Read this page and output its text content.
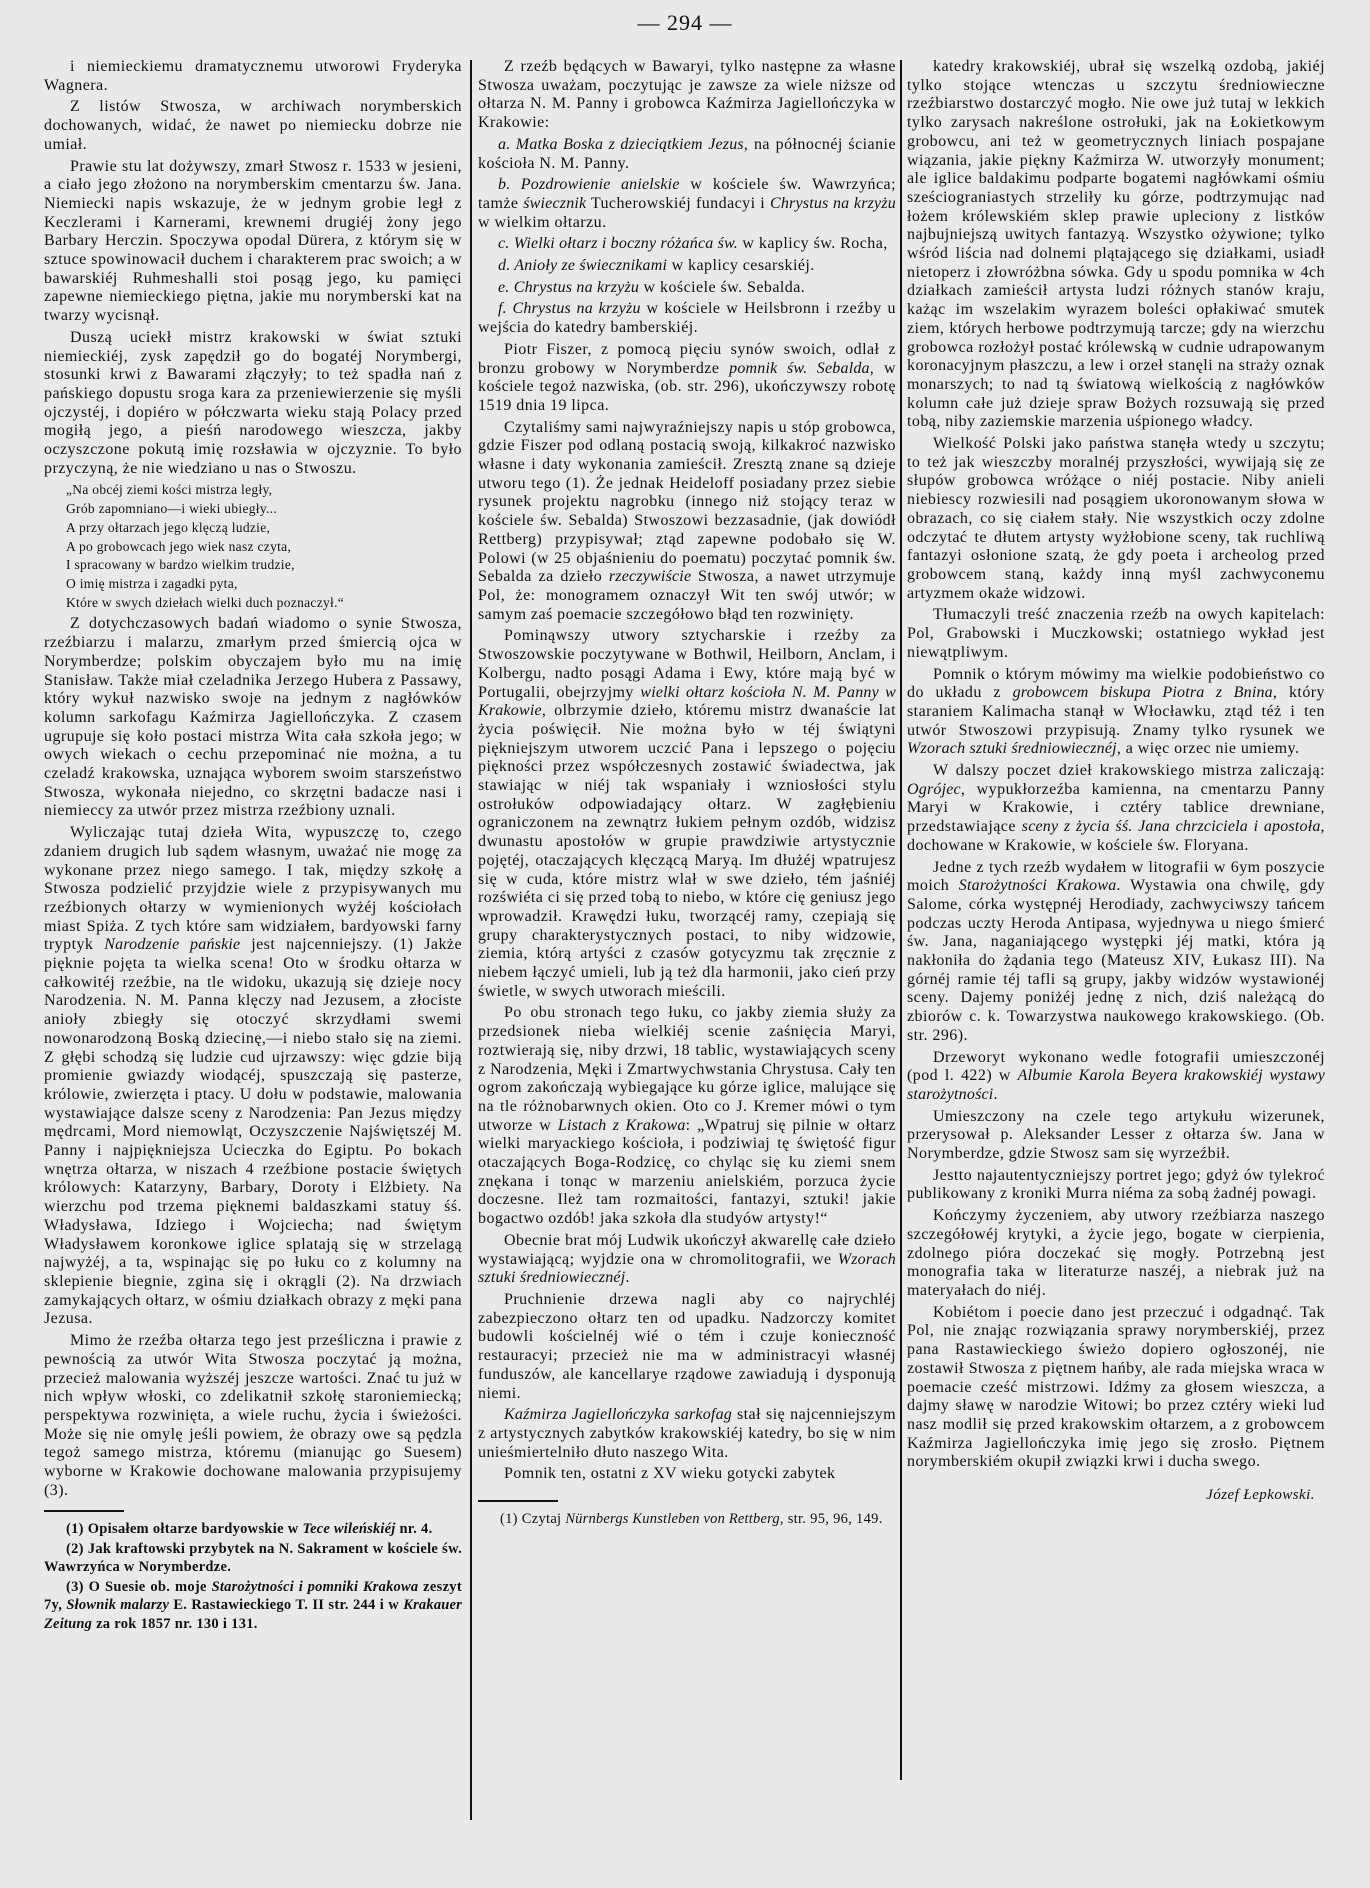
— 294 —

i niemieckiemu dramatycznemu utworowi Fryderyka Wagnera.

Z listów Stwosza, w archiwach norymberskich dochowanych, widać, że nawet po niemiecku dobrze nie umiał.

Prawie stu lat dożywszy, zmarł Stwosz r. 1533 w jesieni, a ciało jego złożono na norymberskim cmentarzu św. Jana. Niemiecki napis wskazuje, że w jednym grobie legł z Keczlerami i Karnerami, krewnemi drugiéj żony jego Barbary Herczin. Spoczywa opodal Dürera, z którym się w sztuce spowinowacił duchem i charakterem prac swoich; a w bawarskiéj Ruhmeshalli stoi posąg jego, ku pamięci zapewne niemieckiego piętna, jakie mu norymberski kat na twarzy wycisnął.

Duszą uciekł mistrz krakowski w świat sztuki niemieckiéj, zysk zapędził go do bogatéj Norymbergi, stosunki krwi z Bawarami złączyły; to też spadła nań z pańskiego dopustu sroga kara za przeniewierzenie się myśli ojczystéj, i dopiéro w półczwarta wieku stają Polacy przed mogiłą jego, a pieśń narodowego wieszcza, jakby oczyszczone pokutą imię rozsławia w ojczyznie. To było przyczyną, że nie wiedziano u nas o Stwoszu.

„Na obcéj ziemi kości mistrza legły,
Grób zapomniano—i wieki ubiegły...
A przy ołtarzach jego klęczą ludzie,
A po grobowcach jego wiek nasz czyta,
I spracowany w bardzo wielkim trudzie,
O imię mistrza i zagadki pyta,
Które w swych dziełach wielki duch poznaczył.“

Z dotychczasowych badań wiadomo o synie Stwosza, rzeźbiarzu i malarzu, zmarłym przed śmiercią ojca w Norymberdze; polskim obyczajem było mu na imię Stanisław. Także miał czeladnika Jerzego Hubera z Passawy, który wykuł nazwisko swoje na jednym z nagłówków kolumn sarkofagu Kaźmirza Jagiellończyka. Z czasem ugrupuje się koło postaci mistrza Wita cała szkoła jego; w owych wiekach o cechu przepominać nie można, a tu czeladź krakowska, uznająca wyborem swoim starszeństwo Stwosza, wykonała niejedno, co skrzętni badacze nasi i niemieccy za utwór przez mistrza rzeźbiony uznali.

Wyliczając tutaj dzieła Wita, wypuszczę to, czego zdaniem drugich lub sądem własnym, uważać nie mogę za wykonane przez niego samego. I tak, między szkołę a Stwosza podzielić przyjdzie wiele z przypisywanych mu rzeźbionych ołtarzy w wymienionych wyżéj kościołach miast Spiża. Z tych które sam widziałem, bardyowski farny tryptyk Narodzenie pańskie jest najcenniejszy. (1) Jakże pięknie pojęta ta wielka scena! Oto w środku ołtarza w całkowitéj rzeźbie, na tle widoku, ukazują się dzieje nocy Narodzenia. N. M. Panna klęczy nad Jezusem, a złociste anioły zbiegły się otoczyć skrzydłami swemi nowonarodzoną Boską dziecinę,—i niebo stało się na ziemi. Z głębi schodzą się ludzie cud ujrzawszy: więc gdzie biją promienie gwiazdy wiodącéj, spuszczają się pasterze, królowie, zwierzęta i ptacy. U dołu w podstawie, malowania wystawiające dalsze sceny z Narodzenia: Pan Jezus między mędrcami, Mord niemowląt, Oczyszczenie Najświętszéj M. Panny i najpiękniejsza Ucieczka do Egiptu. Po bokach wnętrza ołtarza, w niszach 4 rzeźbione postacie świętych królowych: Katarzyny, Barbary, Doroty i Elżbiety. Na wierzchu pod trzema pięknemi baldaszkami statuy śś. Władysława, Idziego i Wojciecha; nad świętym Władysławem koronkowe iglice splatają się w strzelagą najwyżéj, a ta, wspinając się po łuku co z kolumny na sklepienie biegnie, zgina się i okrągli (2). Na drzwiach zamykających ołtarz, w ośmiu działkach obrazy z męki pana Jezusa.

Mimo że rzeźba ołtarza tego jest prześliczna i prawie z pewnością za utwór Wita Stwosza poczytać ją można, przecież malowania wyższéj jeszcze wartości. Znać tu już w nich wpływ włoski, co zdelikatnił szkołę staroniemiecką; perspektywa rozwinięta, a wiele ruchu, życia i świeżości. Może się nie omylę jeśli powiem, że obrazy owe są pędzla tegoż samego mistrza, któremu (mianując go Suesem) wyborne w Krakowie dochowane malowania przypisujemy (3).

(1) Opisałem ołtarze bardyowskie w Tece wileńskiéj nr. 4.

(2) Jak kraftowski przybytek na N. Sakrament w kościele św. Wawrzyńca w Norymberdze.

(3) O Suesie ob. moje Starożytności i pomniki Krakowa zeszyt 7y, Słownik malarzy E. Rastawieckiego T. II str. 244 i w Krakauer Zeitung za rok 1857 nr. 130 i 131.

Z rzeźb będących w Bawaryi, tylko następne za własne Stwosza uważam, poczytując je zawsze za wiele niższe od ołtarza N. M. Panny i grobowca Kaźmirza Jagiellończyka w Krakowie:

a. Matka Boska z dzieciątkiem Jezus, na północnéj ścianie kościoła N. M. Panny.

b. Pozdrowienie anielskie w kościele św. Wawrzyńca; tamże świecznik Tucherowskiéj fundacyi i Chrystus na krzyżu w wielkim ołtarzu.

c. Wielki ołtarz i boczny różańca św. w kaplicy św. Rocha,

d. Anioły ze świecznikami w kaplicy cesarskiéj.

e. Chrystus na krzyżu w kościele św. Sebalda.

f. Chrystus na krzyżu w kościele w Heilsbronn i rzeźby u wejścia do katedry bamberskiéj.

Piotr Fiszer, z pomocą pięciu synów swoich, odlał z bronzu grobowy w Norymberdze pomnik św. Sebalda, w kościele tegoż nazwiska, (ob. str. 296), ukończywszy robotę 1519 dnia 19 lipca.

Czytaliśmy sami najwyraźniejszy napis u stóp grobowca, gdzie Fiszer pod odlaną postacią swoją, kilkakroć nazwisko własne i daty wykonania zamieścił. Zresztą znane są dzieje utworu tego (1). Że jednak Heideloff posiadany przez siebie rysunek projektu nagrobku (innego niż stojący teraz w kościele św. Sebalda) Stwoszowi bezzasadnie, (jak dowiódł Rettberg) przypisywał; ztąd zapewne podobało się W. Polowi (w 25 objaśnieniu do poematu) poczytać pomnik św. Sebalda za dzieło rzeczywiście Stwosza, a nawet utrzymuje Pol, że: monogramem oznaczył Wit ten swój utwór; w samym zaś poemacie szczegółowo błąd ten rozwinięty.

Pominąwszy utwory sztycharskie i rzeźby za Stwoszowskie poczytywane w Bothwil, Heilborn, Anclam, i Kolbergu, nadto posągi Adama i Ewy, które mają być w Portugalii, obejrzyjmy wielki ołtarz kościoła N. M. Panny w Krakowie, olbrzymie dzieło, któremu mistrz dwanaście lat życia poświęcił. Nie można było w téj świątyni piękniejszym utworem uczcić Pana i lepszego o pojęciu piękności przez współczesnych zostawić świadectwa, jak stawiając w niéj tak wspaniały i wzniosłości stylu ostrołuków odpowiadający ołtarz. W zagłębieniu ograniczonem na zewnątrz łukiem pełnym ozdób, widzisz dwunastu apostołów w grupie prawdziwie artystycznie pojętéj, otaczających klęczącą Maryą. Im dłużéj wpatrujesz się w cuda, które mistrz wlał w swe dzieło, tém jaśniéj rozświéta ci się przed tobą to niebo, w które cię geniusz jego wprowadził. Krawędzi łuku, tworzącéj ramy, czepiają się grupy charakterystycznych postaci, to niby widzowie, ziemia, którą artyści z czasów gotycyzmu tak zręcznie z niebem łączyć umieli, lub ją też dla harmonii, jako cień przy świetle, w swych utworach mieścili.

Po obu stronach tego łuku, co jakby ziemia służy za przedsionek nieba wielkiéj scenie zaśnięcia Maryi, roztwierają się, niby drzwi, 18 tablic, wystawiających sceny z Narodzenia, Męki i Zmartwychwstania Chrystusa. Cały ten ogrom zakończają wybiegające ku górze iglice, malujące się na tle różnobarwnych okien. Oto co J. Kremer mówi o tym utworze w Listach z Krakowa: „Wpatruj się pilnie w ołtarz wielki maryackiego kościoła, i podziwiaj tę świętość figur otaczających Boga-Rodzicę, co chyląc się ku ziemi snem znękana i tonąc w marzeniu anielskiém, porzuca życie doczesne. Ileż tam rozmaitości, fantazyi, sztuki! jakie bogactwo ozdób! jaka szkoła dla studyów artysty!“

Obecnie brat mój Ludwik ukończył akwarellę całe dzieło wystawiającą; wyjdzie ona w chromolitografii, we Wzorach sztuki średniowiecznéj.

Pruchnienie drzewa nagli aby co najrychléj zabezpieczono ołtarz ten od upadku. Nadzorczy komitet budowli kościelnéj wié o tém i czuje konieczność restauracyi; przecież nie ma w administracyi własnéj funduszów, ale kancellarye rządowe zawiadują i dysponują niemi.

Kaźmirza Jagiellończyka sarkofag stał się najcenniejszym z artystycznych zabytków krakowskiéj katedry, bo się w nim unieśmiertelniło dłuto naszego Wita.

Pomnik ten, ostatni z XV wieku gotycki zabytek

(1) Czytaj Nürnbergs Kunstleben von Rettberg, str. 95, 96, 149.

katedry krakowskiéj, ubrał się wszelką ozdobą, jakiéj tylko stojące wtenczas u szczytu średniowieczne rzeźbiarstwo dostarczyć mogło. Nie owe już tutaj w lekkich tylko zarysach nakreślone ostrołuki, jak na Łokietkowym grobowcu, ani też w geometrycznych liniach pospajane wiązania, jakie piękny Kaźmirza W. utworzyły monument; ale iglice baldakimu podparte bogatemi nagłówkami ośmiu sześciograniastych strzeliły ku górze, podtrzymując nad łożem królewskiém sklep prawie upleciony z listków najbujniejszą uwitych fantazyą. Wszystko ożywione; tylko wśród liścia nad dolnemi plątającego się działkami, usiadł nietoperz i złowróżbna sówka. Gdy u spodu pomnika w 4ch działkach zamieścił artysta ludzi różnych stanów kraju, każąc im wszelakim wyrazem boleści opłakiwać smutek ziem, których herbowe podtrzymują tarcze; gdy na wierzchu grobowca rozłożył postać królewską w cudnie udrapowanym koronacyjnym płaszczu, a lew i orzeł stanęli na straży oznak monarszych; to nad tą światową wielkością z nagłówków kolumn całe już dzieje spraw Bożych rozsuwają się przed tobą, niby zaziemskie marzenia uśpionego władcy.

Wielkość Polski jako państwa stanęła wtedy u szczytu; to też jak wieszczby moralnéj przyszłości, wywijają się ze słupów grobowca wróżące o niéj postacie. Niby anieli niebiescy rozwiesili nad posągiem ukoronowanym słowa w obrazach, co się ciałem stały. Nie wszystkich oczy zdolne odczytać te dłutem artysty wyżłobione sceny, tak ruchliwą fantazyi osłonione szatą, że gdy poeta i archeolog przed grobowcem staną, każdy inną myśl zachwyconemu artyzmem okaże widzowi.

Tłumaczyli treść znaczenia rzeźb na owych kapitelach: Pol, Grabowski i Muczkowski; ostatniego wykład jest niewątpliwym.

Pomnik o którym mówimy ma wielkie podobieństwo co do układu z grobowcem biskupa Piotra z Bnina, który staraniem Kalimacha stanął w Włocławku, ztąd téż i ten utwór Stwoszowi przypisują. Znamy tylko rysunek we Wzorach sztuki średniowiecznéj, a więc orzec nie umiemy.

W dalszy poczet dzieł krakowskiego mistrza zaliczają: Ogrójec, wypukłorzeźba kamienna, na cmentarzu Panny Maryi w Krakowie, i cztéry tablice drewniane, przedstawiające sceny z życia śś. Jana chrzciciela i apostoła, dochowane w Krakowie, w kościele św. Floryana.

Jedne z tych rzeźb wydałem w litografii w 6ym poszycie moich Starożytności Krakowa. Wystawia ona chwilę, gdy Salome, córka występnéj Herodiady, zachwyciwszy tańcem podczas uczty Heroda Antipasa, wyjednywa u niego śmierć św. Jana, naganiającego występki jéj matki, która ją nakłoniła do żądania tego (Mateusz XIV, Łukasz III). Na górnéj ramie téj tafli są grupy, jakby widzów wystawionéj sceny. Dajemy poniżéj jednę z nich, dziś należącą do zbiorów c. k. Towarzystwa naukowego krakowskiego. (Ob. str. 296).

Drzeworyt wykonano wedle fotografii umieszczonéj (pod l. 422) w Albumie Karola Beyera krakowskiéj wystawy starożytności.

Umieszczony na czele tego artykułu wizerunek, przerysował p. Aleksander Lesser z ołtarza św. Jana w Norymberdze, gdzie Stwosz sam się wyrzeźbił.

Jestto najautentyczniejszy portret jego; gdyż ów tylekroć publikowany z kroniki Murra niéma za sobą żadnéj powagi.

Kończymy życzeniem, aby utwory rzeźbiarza naszego szczegółowéj krytyki, a życie jego, bogate w cierpienia, zdolnego pióra doczekać się mogły. Potrzebną jest monografia taka w literaturze naszéj, a niebrak już na materyałach do niéj.

Kobiétom i poecie dano jest przeczuć i odgadnąć. Tak Pol, nie znając rozwiązania sprawy norymberskiéj, przez pana Rastawieckiego świeżo dopiero ogłoszonéj, nie zostawił Stwosza z piętnem hańby, ale rada miejska wraca w poemacie cześć mistrzowi. Idźmy za głosem wieszcza, a dajmy sławę w narodzie Witowi; bo przez cztéry wieki lud nasz modlił się przed krakowskim ołtarzem, a z grobowcem Kaźmirza Jagiellończyka imię jego się zrosło. Piętnem norymberskiém okupił związki krwi i ducha swego.

Józef Łepkowski.
